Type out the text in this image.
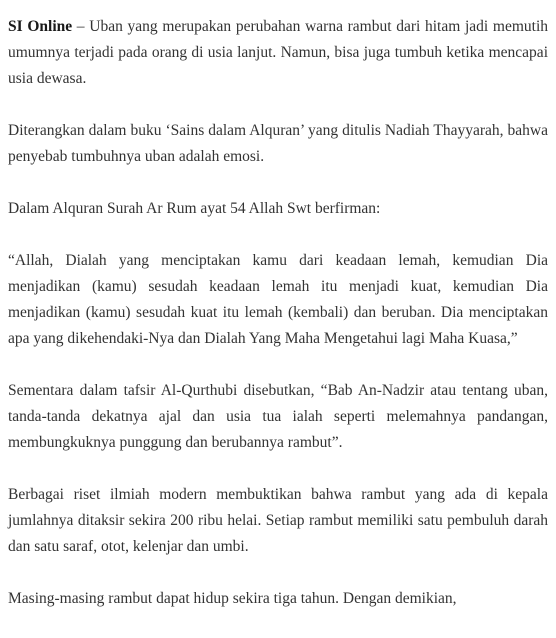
SI Online – Uban yang merupakan perubahan warna rambut dari hitam jadi memutih umumnya terjadi pada orang di usia lanjut. Namun, bisa juga tumbuh ketika mencapai usia dewasa.

Diterangkan dalam buku ‘Sains dalam Alquran’ yang ditulis Nadiah Thayyarah, bahwa penyebab tumbuhnya uban adalah emosi.

Dalam Alquran Surah Ar Rum ayat 54 Allah Swt berfirman:

“Allah, Dialah yang menciptakan kamu dari keadaan lemah, kemudian Dia menjadikan (kamu) sesudah keadaan lemah itu menjadi kuat, kemudian Dia menjadikan (kamu) sesudah kuat itu lemah (kembali) dan beruban. Dia menciptakan apa yang dikehendaki-Nya dan Dialah Yang Maha Mengetahui lagi Maha Kuasa,”

Sementara dalam tafsir Al-Qurthubi disebutkan, “Bab An-Nadzir atau tentang uban, tanda-tanda dekatnya ajal dan usia tua ialah seperti melemahnya pandangan, membungkuknya punggung dan berubannya rambut”.

Berbagai riset ilmiah modern membuktikan bahwa rambut yang ada di kepala jumlahnya ditaksir sekira 200 ribu helai. Setiap rambut memiliki satu pembuluh darah dan satu saraf, otot, kelenjar dan umbi.

Masing-masing rambut dapat hidup sekira tiga tahun. Dengan demikian,
